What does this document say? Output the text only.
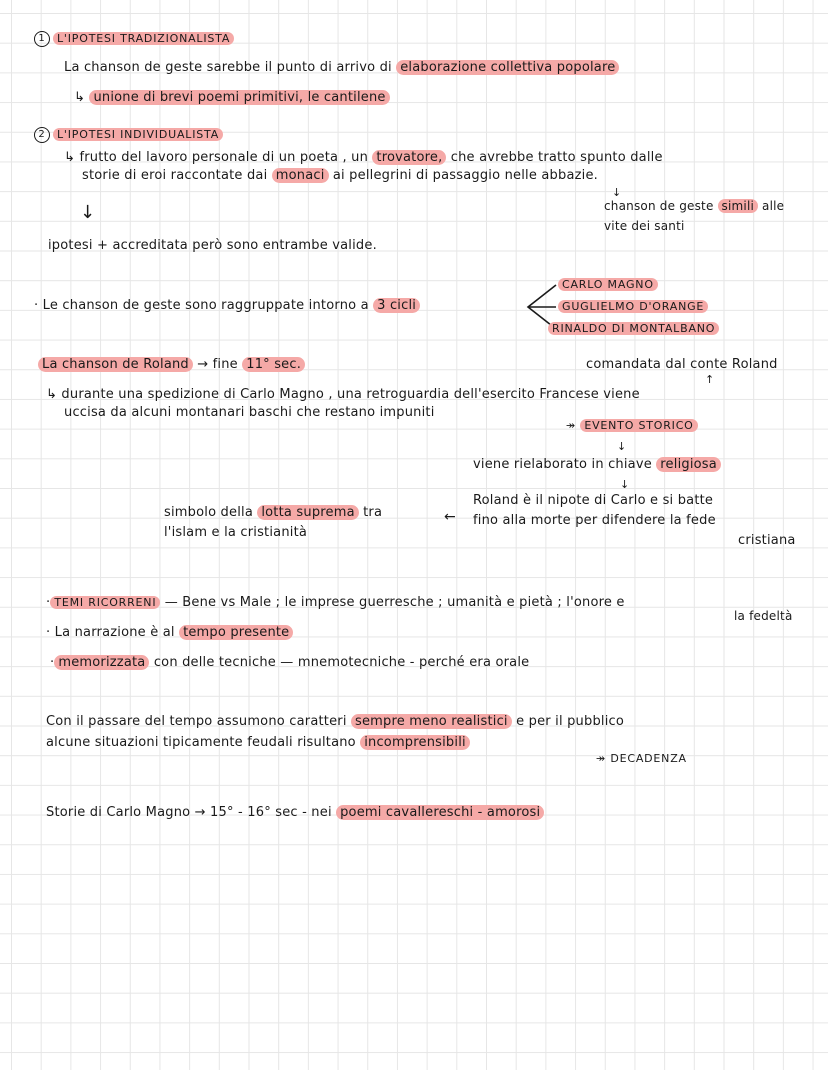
1 L'IPOTESI TRADIZIONALISTA
La chanson de geste sarebbe il punto di arrivo di elaborazione collettiva popolare
↳ unione di brevi poemi primitivi, le cantilene
2 L'IPOTESI INDIVIDUALISTA
↳ frutto del lavoro personale di un poeta , un trovatore, che avrebbe tratto spunto dalle
storie di eroi raccontate dai monaci ai pellegrini di passaggio nelle abbazie.
↓
chanson de geste simili alle
vite dei santi
↓
ipotesi + accreditata però sono entrambe valide.
· Le chanson de geste sono raggruppate intorno a 3 cicli
CARLO MAGNO
GUGLIELMO D'ORANGE
RINALDO DI MONTALBANO
La chanson de Roland → fine 11° sec.	comandata dal conte Roland
↑
↳ durante una spedizione di Carlo Magno , una retroguardia dell'esercito Francese viene
uccisa da alcuni montanari baschi che restano impuniti
↠ EVENTO STORICO
↓
viene rielaborato in chiave religiosa
↓
Roland è il nipote di Carlo e si batte
fino alla morte per difendere la fede
cristiana
←
simbolo della lotta suprema tra
l'islam e la cristianità
· TEMI RICORRENI — Bene vs Male ; le imprese guerresche ; umanità e pietà ; l'onore e
la fedeltà
· La narrazione è al tempo presente
· memorizzata con delle tecniche — mnemotecniche - perché era orale
Con il passare del tempo assumono caratteri sempre meno realistici e per il pubblico
alcune situazioni tipicamente feudali risultano incomprensibili
↠ DECADENZA
Storie di Carlo Magno → 15° - 16° sec - nei poemi cavallereschi - amorosi
